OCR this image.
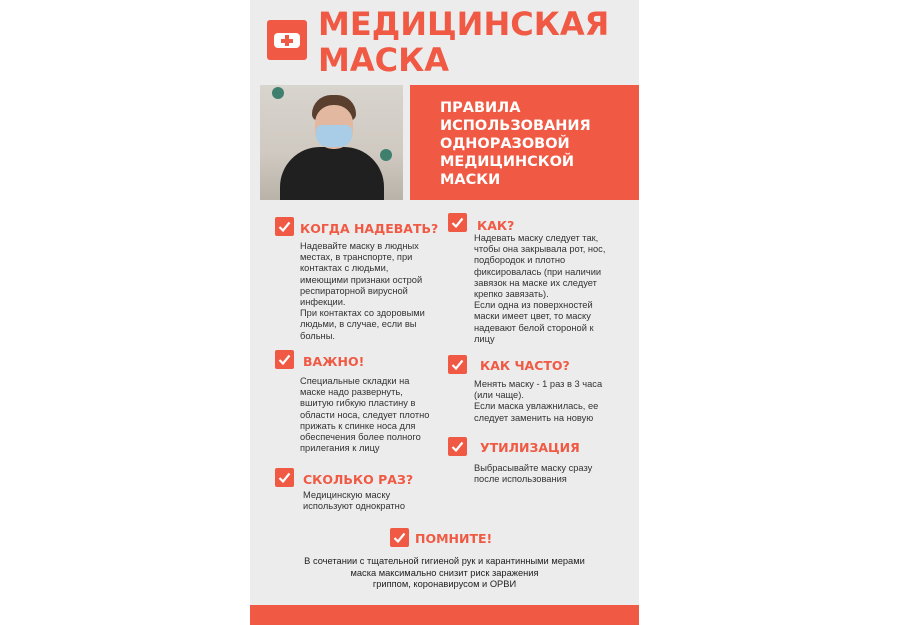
МЕДИЦИНСКАЯ
МАСКА
ПРАВИЛА
ИСПОЛЬЗОВАНИЯ
ОДНОРАЗОВОЙ
МЕДИЦИНСКОЙ
МАСКИ
КОГДА НАДЕВАТЬ?
Надевайте маску в людных
местах, в транспорте, при
контактах с людьми,
имеющими признаки острой
респираторной вирусной
инфекции.
При контактах со здоровыми
людьми, в случае, если вы
больны.
КАК?
Надевать маску следует так,
чтобы она закрывала рот, нос,
подбородок и плотно
фиксировалась (при наличии
завязок на маске их следует
крепко завязать).
Если одна из поверхностей
маски имеет цвет, то маску
надевают белой стороной к
лицу
ВАЖНО!
Специальные складки на
маске надо развернуть,
вшитую гибкую пластину в
области носа, следует плотно
прижать к спинке носа для
обеспечения более полного
прилегания к лицу
КАК ЧАСТО?
Менять маску - 1 раз в 3 часа
(или чаще).
Если маска увлажнилась, ее
следует заменить на новую
УТИЛИЗАЦИЯ
Выбрасывайте маску сразу
после использования
СКОЛЬКО РАЗ?
Медицинскую маску
используют однократно
ПОМНИТЕ!
В сочетании с тщательной гигиеной рук и карантинными мерами
маска максимально снизит риск заражения
гриппом, коронавирусом и ОРВИ
